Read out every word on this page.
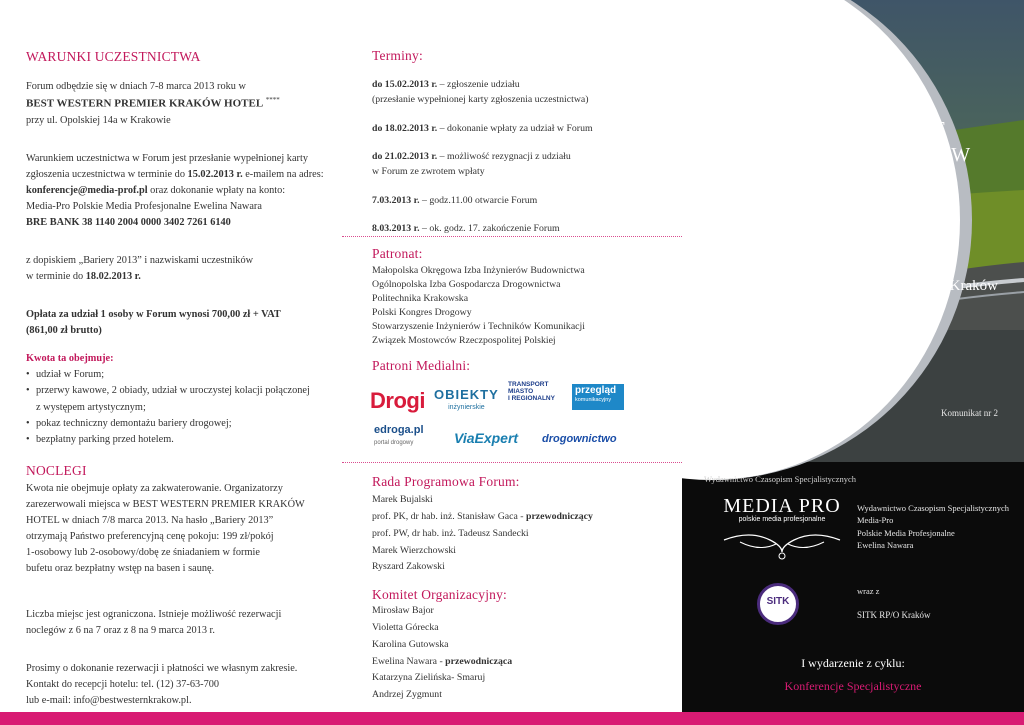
WARUNKI UCZESTNICTWA

Forum odbędzie się w dniach 7-8 marca 2013 roku w

BEST WESTERN PREMIER KRAKÓW HOTEL ****

przy ul. Opolskiej 14a w Krakowie

Warunkiem uczestnictwa w Forum jest przesłanie wypełnionej karty

zgłoszenia uczestnictwa w terminie do 15.02.2013 r. e-mailem na adres:

konferencje@media-prof.pl oraz dokonanie wpłaty na konto:

Media-Pro Polskie Media Profesjonalne Ewelina Nawara

BRE BANK 38 1140 2004 0000 3402 7261 6140

z dopiskiem „Bariery 2013” i nazwiskami uczestników

w terminie do 18.02.2013 r.

Opłata za udział 1 osoby w Forum wynosi 700,00 zł + VAT

(861,00 zł brutto)

Kwota ta obejmuje:

• udział w Forum;
• przerwy kawowe, 2 obiady, udział w uroczystej kolacji połączonej
z występem artystycznym;
• pokaz techniczny demontażu bariery drogowej;
• bezpłatny parking przed hotelem.
NOCLEGI

Kwota nie obejmuje opłaty za zakwaterowanie. Organizatorzy

zarezerwowali miejsca w BEST WESTERN PREMIER KRAKÓW

HOTEL w dniach 7/8 marca 2013. Na hasło „Bariery 2013”

otrzymają Państwo preferencyjną cenę pokoju: 199 zł/pokój

1-osobowy lub 2-osobowy/dobę ze śniadaniem w formie

bufetu oraz bezpłatny wstęp na basen i saunę.

Liczba miejsc jest ograniczona. Istnieje możliwość rezerwacji

noclegów z 6 na 7 oraz z 8 na 9 marca 2013 r.

Prosimy o dokonanie rezerwacji i płatności we własnym zakresie.

Kontakt do recepcji hotelu: tel. (12) 37-63-700

lub e-mail: info@bestwesternkrakow.pl.

Terminy:

do 15.02.2013 r. – zgłoszenie udziału

(przesłanie wypełnionej karty zgłoszenia uczestnictwa)

do 18.02.2013 r. – dokonanie wpłaty za udział w Forum

do 21.02.2013 r. – możliwość rezygnacji z udziału

w Forum ze zwrotem wpłaty

7.03.2013 r. – godz.11.00 otwarcie Forum

8.03.2013 r. – ok. godz. 17. zakończenie Forum

Patronat:

Małopolska Okręgowa Izba Inżynierów Budownictwa

Ogólnopolska Izba Gospodarcza Drogownictwa

Politechnika Krakowska

Polski Kongres Drogowy

Stowarzyszenie Inżynierów i Techników Komunikacji

Związek Mostowców Rzeczpospolitej Polskiej

Patroni Medialni:
Drogi OBIEKTY
inżynierskie
TRANSPORT
MIASTO
I REGIONALNY
przegląd
komunikacyjny
edroga.pl
portal drogowy	ViaExpert drogownictwo
Rada Programowa Forum:

Marek Bujalski

prof. PK, dr hab. inż. Stanisław Gaca - przewodniczący

prof. PW, dr hab. inż. Tadeusz Sandecki

Marek Wierzchowski

Ryszard Zakowski

Komitet Organizacyjny:

Mirosław Bajor

Violetta Górecka

Karolina Gutowska

Ewelina Nawara - przewodnicząca

Katarzyna Zielińska- Smaruj

Andrzej Zygmunt

I Ogólnopolskie
Forum Specjalistyczne
BARIERY OCHRONNE
DLA DRÓG I OBIEKTÓW
INŻYNIERSKICH
Bariery 2013
7-8. 03. 2013, Kraków
Komunikat nr 2
Wydawnictwo Czasopism Specjalistycznych
MEDIA PRO
polskie media profesjonalne
Wydawnictwo Czasopism Specjalistycznych
Media-Pro
Polskie Media Profesjonalne
Ewelina Nawara
SITK
wraz z
SITK RP/O Kraków
I wydarzenie z cyklu:
Konferencje Specjalistyczne
